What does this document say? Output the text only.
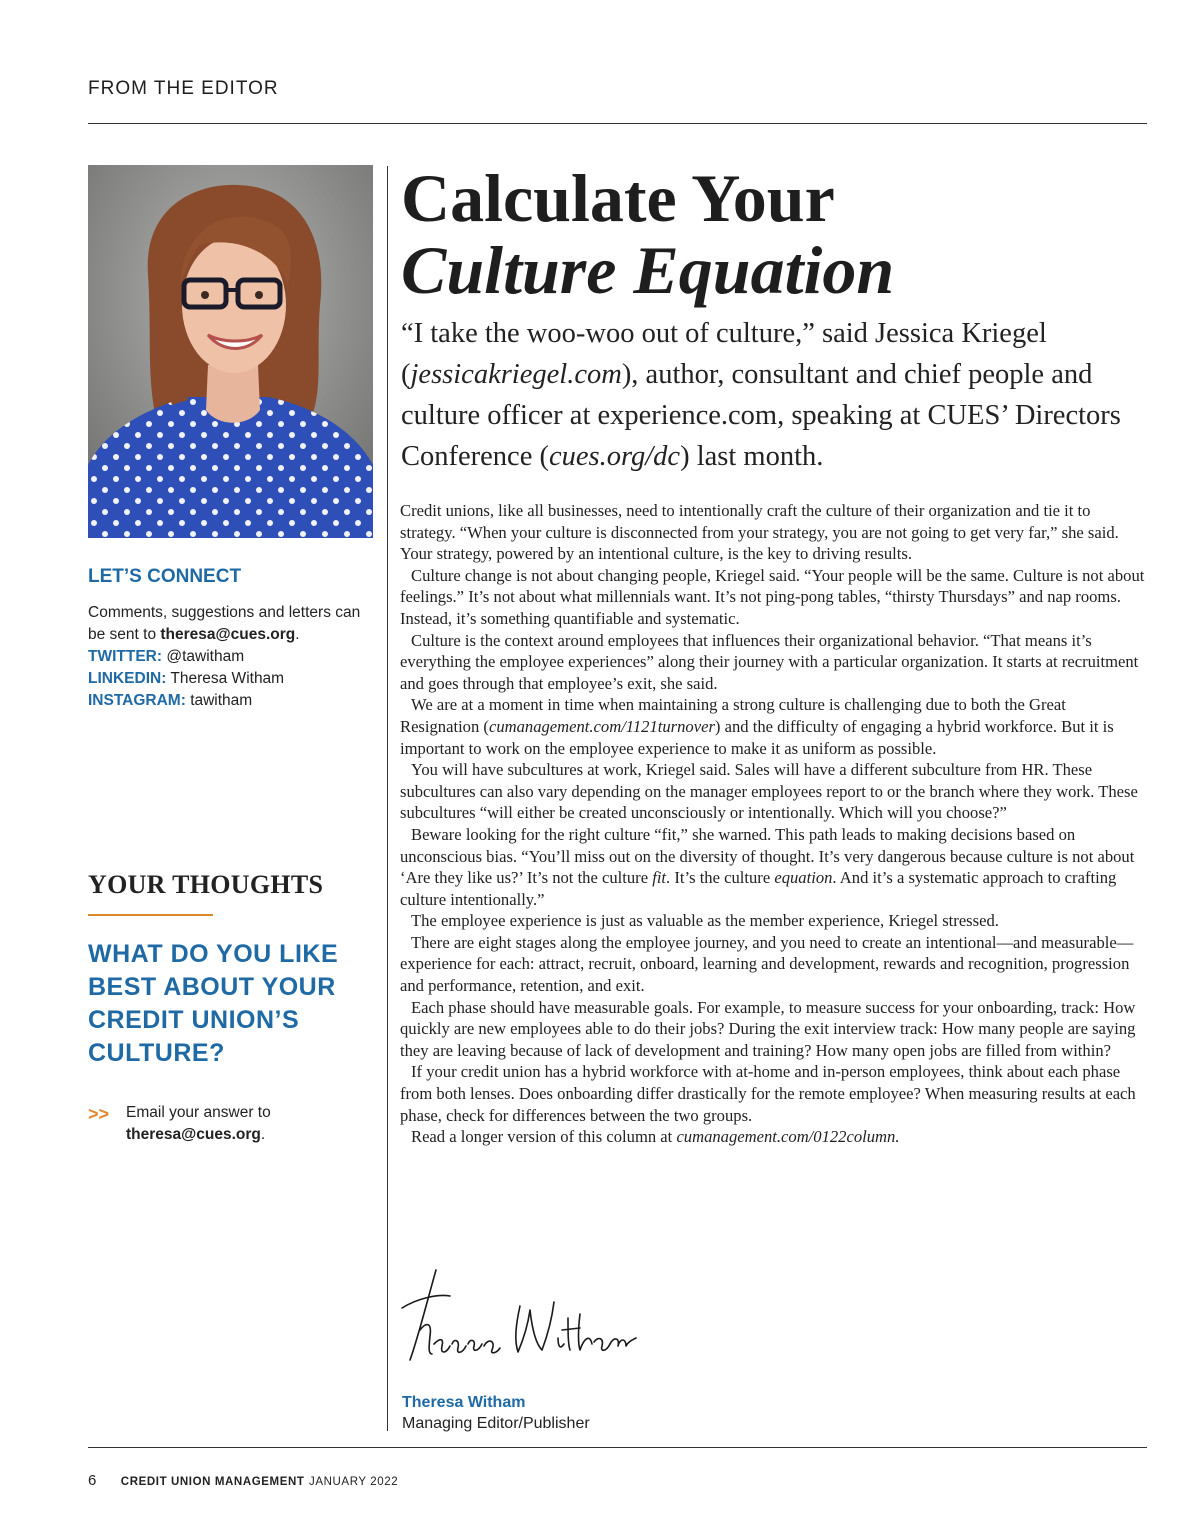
FROM THE EDITOR
LET’S CONNECT
Comments, suggestions and letters can be sent to theresa@cues.org.
TWITTER: @tawitham
LINKEDIN: Theresa Witham
INSTAGRAM: tawitham
YOUR THOUGHTS
WHAT DO YOU LIKE BEST ABOUT YOUR CREDIT UNION’S CULTURE?
>>	Email your answer to
theresa@cues.org.
Calculate Your
Culture Equation

“I take the woo-woo out of culture,” said Jessica Kriegel (jessicakriegel.com), author, consultant and chief people and culture officer at experience.com, speaking at CUES’ Directors Conference (cues.org/dc) last month.

Credit unions, like all businesses, need to intentionally craft the culture of their organization and tie it to strategy. “When your culture is disconnected from your strategy, you are not going to get very far,” she said. Your strategy, powered by an intentional culture, is the key to driving results.

Culture change is not about changing people, Kriegel said. “Your people will be the same. Culture is not about feelings.” It’s not about what millennials want. It’s not ping-pong tables, “thirsty Thursdays” and nap rooms. Instead, it’s something quantifiable and systematic.

Culture is the context around employees that influences their organizational behavior. “That means it’s everything the employee experiences” along their journey with a particular organization. It starts at recruitment and goes through that employee’s exit, she said.

We are at a moment in time when maintaining a strong culture is challenging due to both the Great Resignation (cumanagement.com/1121turnover) and the difficulty of engaging a hybrid workforce. But it is important to work on the employee experience to make it as uniform as possible.

You will have subcultures at work, Kriegel said. Sales will have a different subculture from HR. These subcultures can also vary depending on the manager employees report to or the branch where they work. These subcultures “will either be created unconsciously or intentionally. Which will you choose?”

Beware looking for the right culture “fit,” she warned. This path leads to making decisions based on unconscious bias. “You’ll miss out on the diversity of thought. It’s very dangerous because culture is not about ‘Are they like us?’ It’s not the culture fit. It’s the culture equation. And it’s a systematic approach to crafting culture intentionally.”

The employee experience is just as valuable as the member experience, Kriegel stressed.

There are eight stages along the employee journey, and you need to create an intentional—and measurable—experience for each: attract, recruit, onboard, learning and development, rewards and recognition, progression and performance, retention, and exit.

Each phase should have measurable goals. For example, to measure success for your onboarding, track: How quickly are new employees able to do their jobs? During the exit interview track: How many people are saying they are leaving because of lack of development and training? How many open jobs are filled from within?

If your credit union has a hybrid workforce with at-home and in-person employees, think about each phase from both lenses. Does onboarding differ drastically for the remote employee? When measuring results at each phase, check for differences between the two groups.

Read a longer version of this column at cumanagement.com/0122column.

Theresa Witham
Managing Editor/Publisher
6 CREDIT UNION MANAGEMENT JANUARY 2022
